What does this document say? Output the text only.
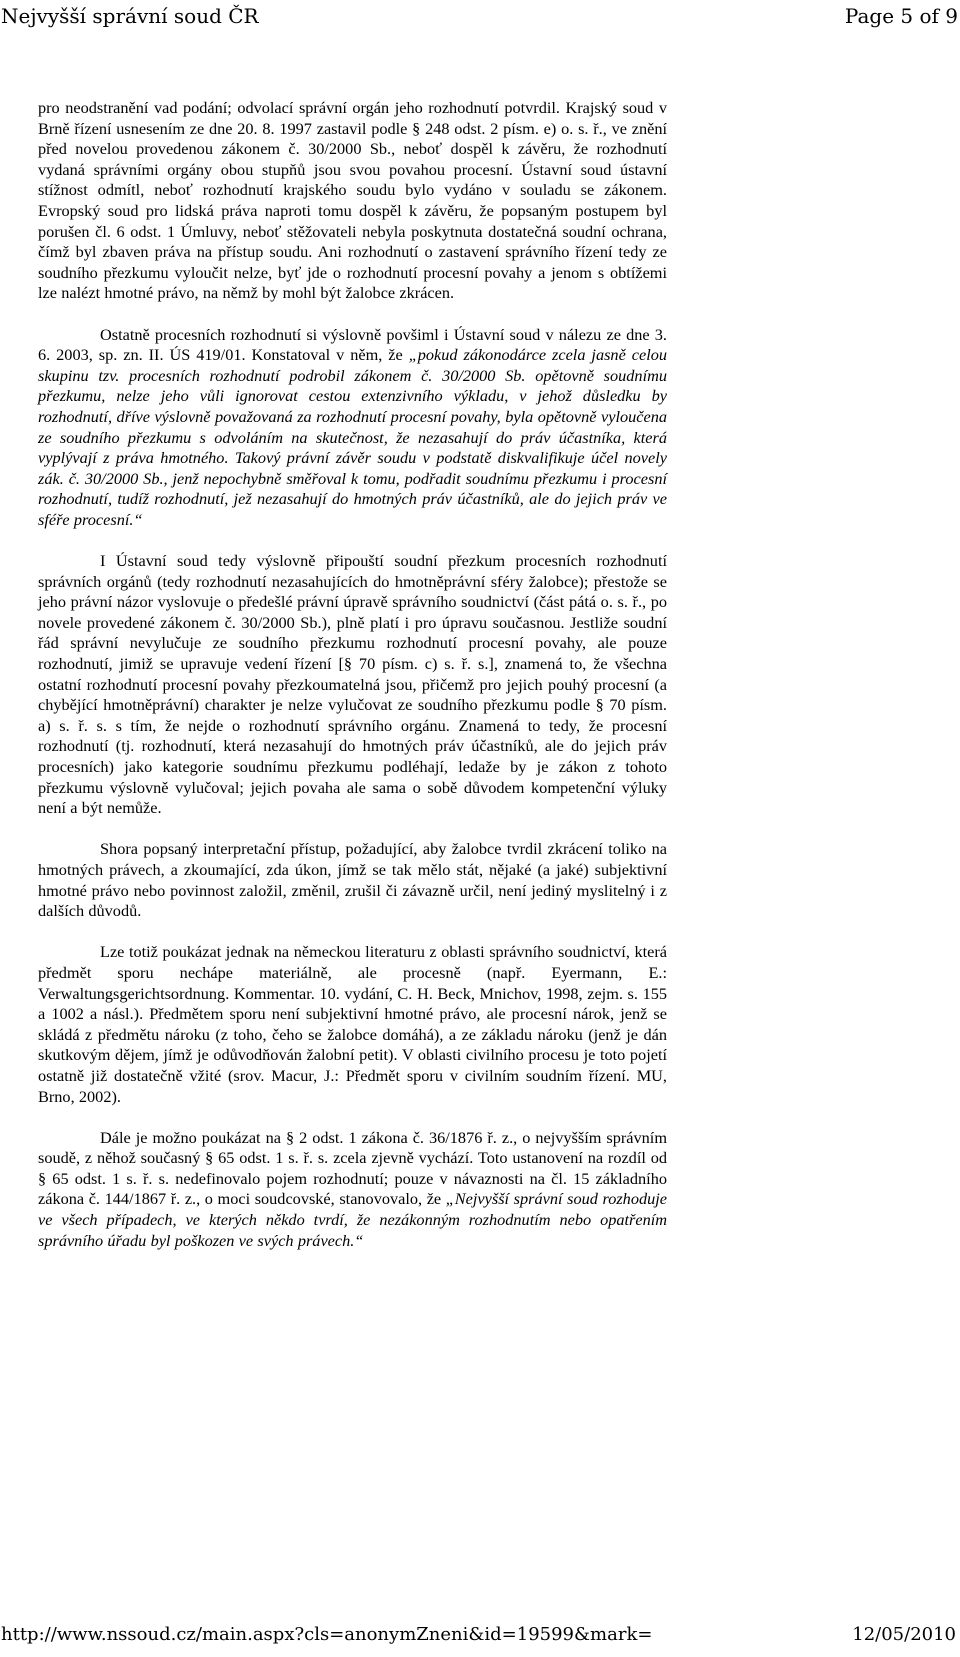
Nejvyšší správní soud ČR	Page 5 of 9

pro neodstranění vad podání; odvolací správní orgán jeho rozhodnutí potvrdil. Krajský soud v Brně řízení usnesením ze dne 20. 8. 1997 zastavil podle § 248 odst. 2 písm. e) o. s. ř., ve znění před novelou provedenou zákonem č. 30/2000 Sb., neboť dospěl k závěru, že rozhodnutí vydaná správními orgány obou stupňů jsou svou povahou procesní. Ústavní soud ústavní stížnost odmítl, neboť rozhodnutí krajského soudu bylo vydáno v souladu se zákonem. Evropský soud pro lidská práva naproti tomu dospěl k závěru, že popsaným postupem byl porušen čl. 6 odst. 1 Úmluvy, neboť stěžovateli nebyla poskytnuta dostatečná soudní ochrana, čímž byl zbaven práva na přístup soudu. Ani rozhodnutí o zastavení správního řízení tedy ze soudního přezkumu vyloučit nelze, byť jde o rozhodnutí procesní povahy a jenom s obtížemi lze nalézt hmotné právo, na němž by mohl být žalobce zkrácen.

Ostatně procesních rozhodnutí si výslovně povšiml i Ústavní soud v nálezu ze dne 3. 6. 2003, sp. zn. II. ÚS 419/01. Konstatoval v něm, že „pokud zákonodárce zcela jasně celou skupinu tzv. procesních rozhodnutí podrobil zákonem č. 30/2000 Sb. opětovně soudnímu přezkumu, nelze jeho vůli ignorovat cestou extenzivního výkladu, v jehož důsledku by rozhodnutí, dříve výslovně považovaná za rozhodnutí procesní povahy, byla opětovně vyloučena ze soudního přezkumu s odvoláním na skutečnost, že nezasahují do práv účastníka, která vyplývají z práva hmotného. Takový právní závěr soudu v podstatě diskvalifikuje účel novely zák. č. 30/2000 Sb., jenž nepochybně směřoval k tomu, podřadit soudnímu přezkumu i procesní rozhodnutí, tudíž rozhodnutí, jež nezasahují do hmotných práv účastníků, ale do jejich práv ve sféře procesní.“

I Ústavní soud tedy výslovně připouští soudní přezkum procesních rozhodnutí správních orgánů (tedy rozhodnutí nezasahujících do hmotněprávní sféry žalobce); přestože se jeho právní názor vyslovuje o předešlé právní úpravě správního soudnictví (část pátá o. s. ř., po novele provedené zákonem č. 30/2000 Sb.), plně platí i pro úpravu současnou. Jestliže soudní řád správní nevylučuje ze soudního přezkumu rozhodnutí procesní povahy, ale pouze rozhodnutí, jimiž se upravuje vedení řízení [§ 70 písm. c) s. ř. s.], znamená to, že všechna ostatní rozhodnutí procesní povahy přezkoumatelná jsou, přičemž pro jejich pouhý procesní (a chybějící hmotněprávní) charakter je nelze vylučovat ze soudního přezkumu podle § 70 písm. a) s. ř. s. s tím, že nejde o rozhodnutí správního orgánu. Znamená to tedy, že procesní rozhodnutí (tj. rozhodnutí, která nezasahují do hmotných práv účastníků, ale do jejich práv procesních) jako kategorie soudnímu přezkumu podléhají, ledaže by je zákon z tohoto přezkumu výslovně vylučoval; jejich povaha ale sama o sobě důvodem kompetenční výluky není a být nemůže.

Shora popsaný interpretační přístup, požadující, aby žalobce tvrdil zkrácení toliko na hmotných právech, a zkoumající, zda úkon, jímž se tak mělo stát, nějaké (a jaké) subjektivní hmotné právo nebo povinnost založil, změnil, zrušil či závazně určil, není jediný myslitelný i z dalších důvodů.

Lze totiž poukázat jednak na německou literaturu z oblasti správního soudnictví, která předmět sporu nechápe materiálně, ale procesně (např. Eyermann, E.: Verwaltungsgerichtsordnung. Kommentar. 10. vydání, C. H. Beck, Mnichov, 1998, zejm. s. 155 a 1002 a násl.). Předmětem sporu není subjektivní hmotné právo, ale procesní nárok, jenž se skládá z předmětu nároku (z toho, čeho se žalobce domáhá), a ze základu nároku (jenž je dán skutkovým dějem, jímž je odůvodňován žalobní petit). V oblasti civilního procesu je toto pojetí ostatně již dostatečně vžité (srov. Macur, J.: Předmět sporu v civilním soudním řízení. MU, Brno, 2002).

Dále je možno poukázat na § 2 odst. 1 zákona č. 36/1876 ř. z., o nejvyšším správním soudě, z něhož současný § 65 odst. 1 s. ř. s. zcela zjevně vychází. Toto ustanovení na rozdíl od § 65 odst. 1 s. ř. s. nedefinovalo pojem rozhodnutí; pouze v návaznosti na čl. 15 základního zákona č. 144/1867 ř. z., o moci soudcovské, stanovovalo, že „Nejvyšší správní soud rozhoduje ve všech případech, ve kterých někdo tvrdí, že nezákonným rozhodnutím nebo opatřením správního úřadu byl poškozen ve svých právech.“

http://www.nssoud.cz/main.aspx?cls=anonymZneni&id=19599&mark=	12/05/2010
